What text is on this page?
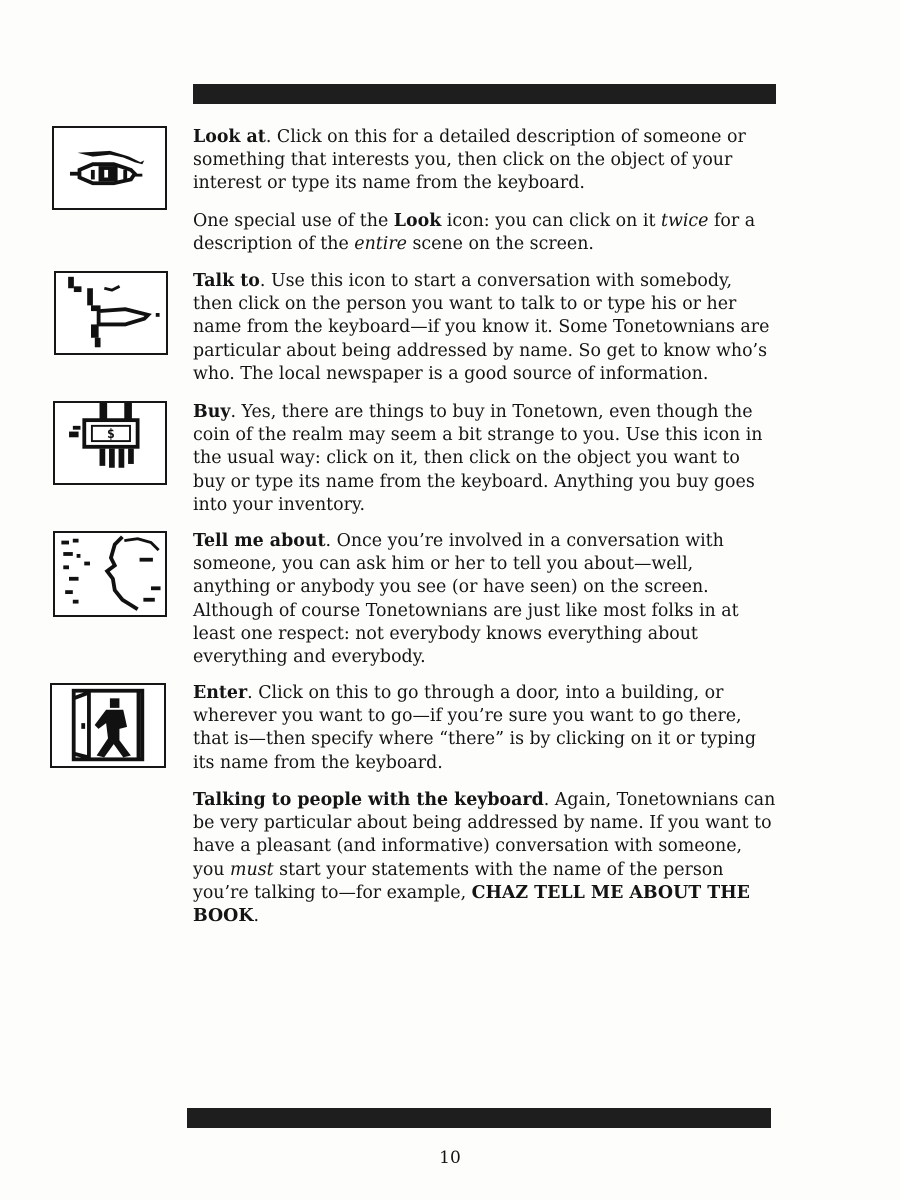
Look at. Click on this for a detailed description of someone or something that interests you, then click on the object of your interest or type its name from the keyboard.

One special use of the Look icon: you can click on it twice for a description of the entire scene on the screen.

Talk to. Use this icon to start a conversation with somebody, then click on the person you want to talk to or type his or her name from the keyboard—if you know it. Some Tonetownians are particular about being addressed by name. So get to know who’s who. The local newspaper is a good source of information.

$

Buy. Yes, there are things to buy in Tonetown, even though the coin of the realm may seem a bit strange to you. Use this icon in the usual way: click on it, then click on the object you want to buy or type its name from the keyboard. Anything you buy goes into your inventory.

Tell me about. Once you’re involved in a conversation with someone, you can ask him or her to tell you about—well, anything or anybody you see (or have seen) on the screen. Although of course Tonetownians are just like most folks in at least one respect: not everybody knows everything about everything and everybody.

Enter. Click on this to go through a door, into a building, or wherever you want to go—if you’re sure you want to go there, that is—then specify where “there” is by clicking on it or typing its name from the keyboard.

Talking to people with the keyboard. Again, Tonetownians can be very particular about being addressed by name. If you want to have a pleasant (and informative) conversation with someone, you must start your statements with the name of the person you’re talking to—for example, CHAZ TELL ME ABOUT THE BOOK.

10
